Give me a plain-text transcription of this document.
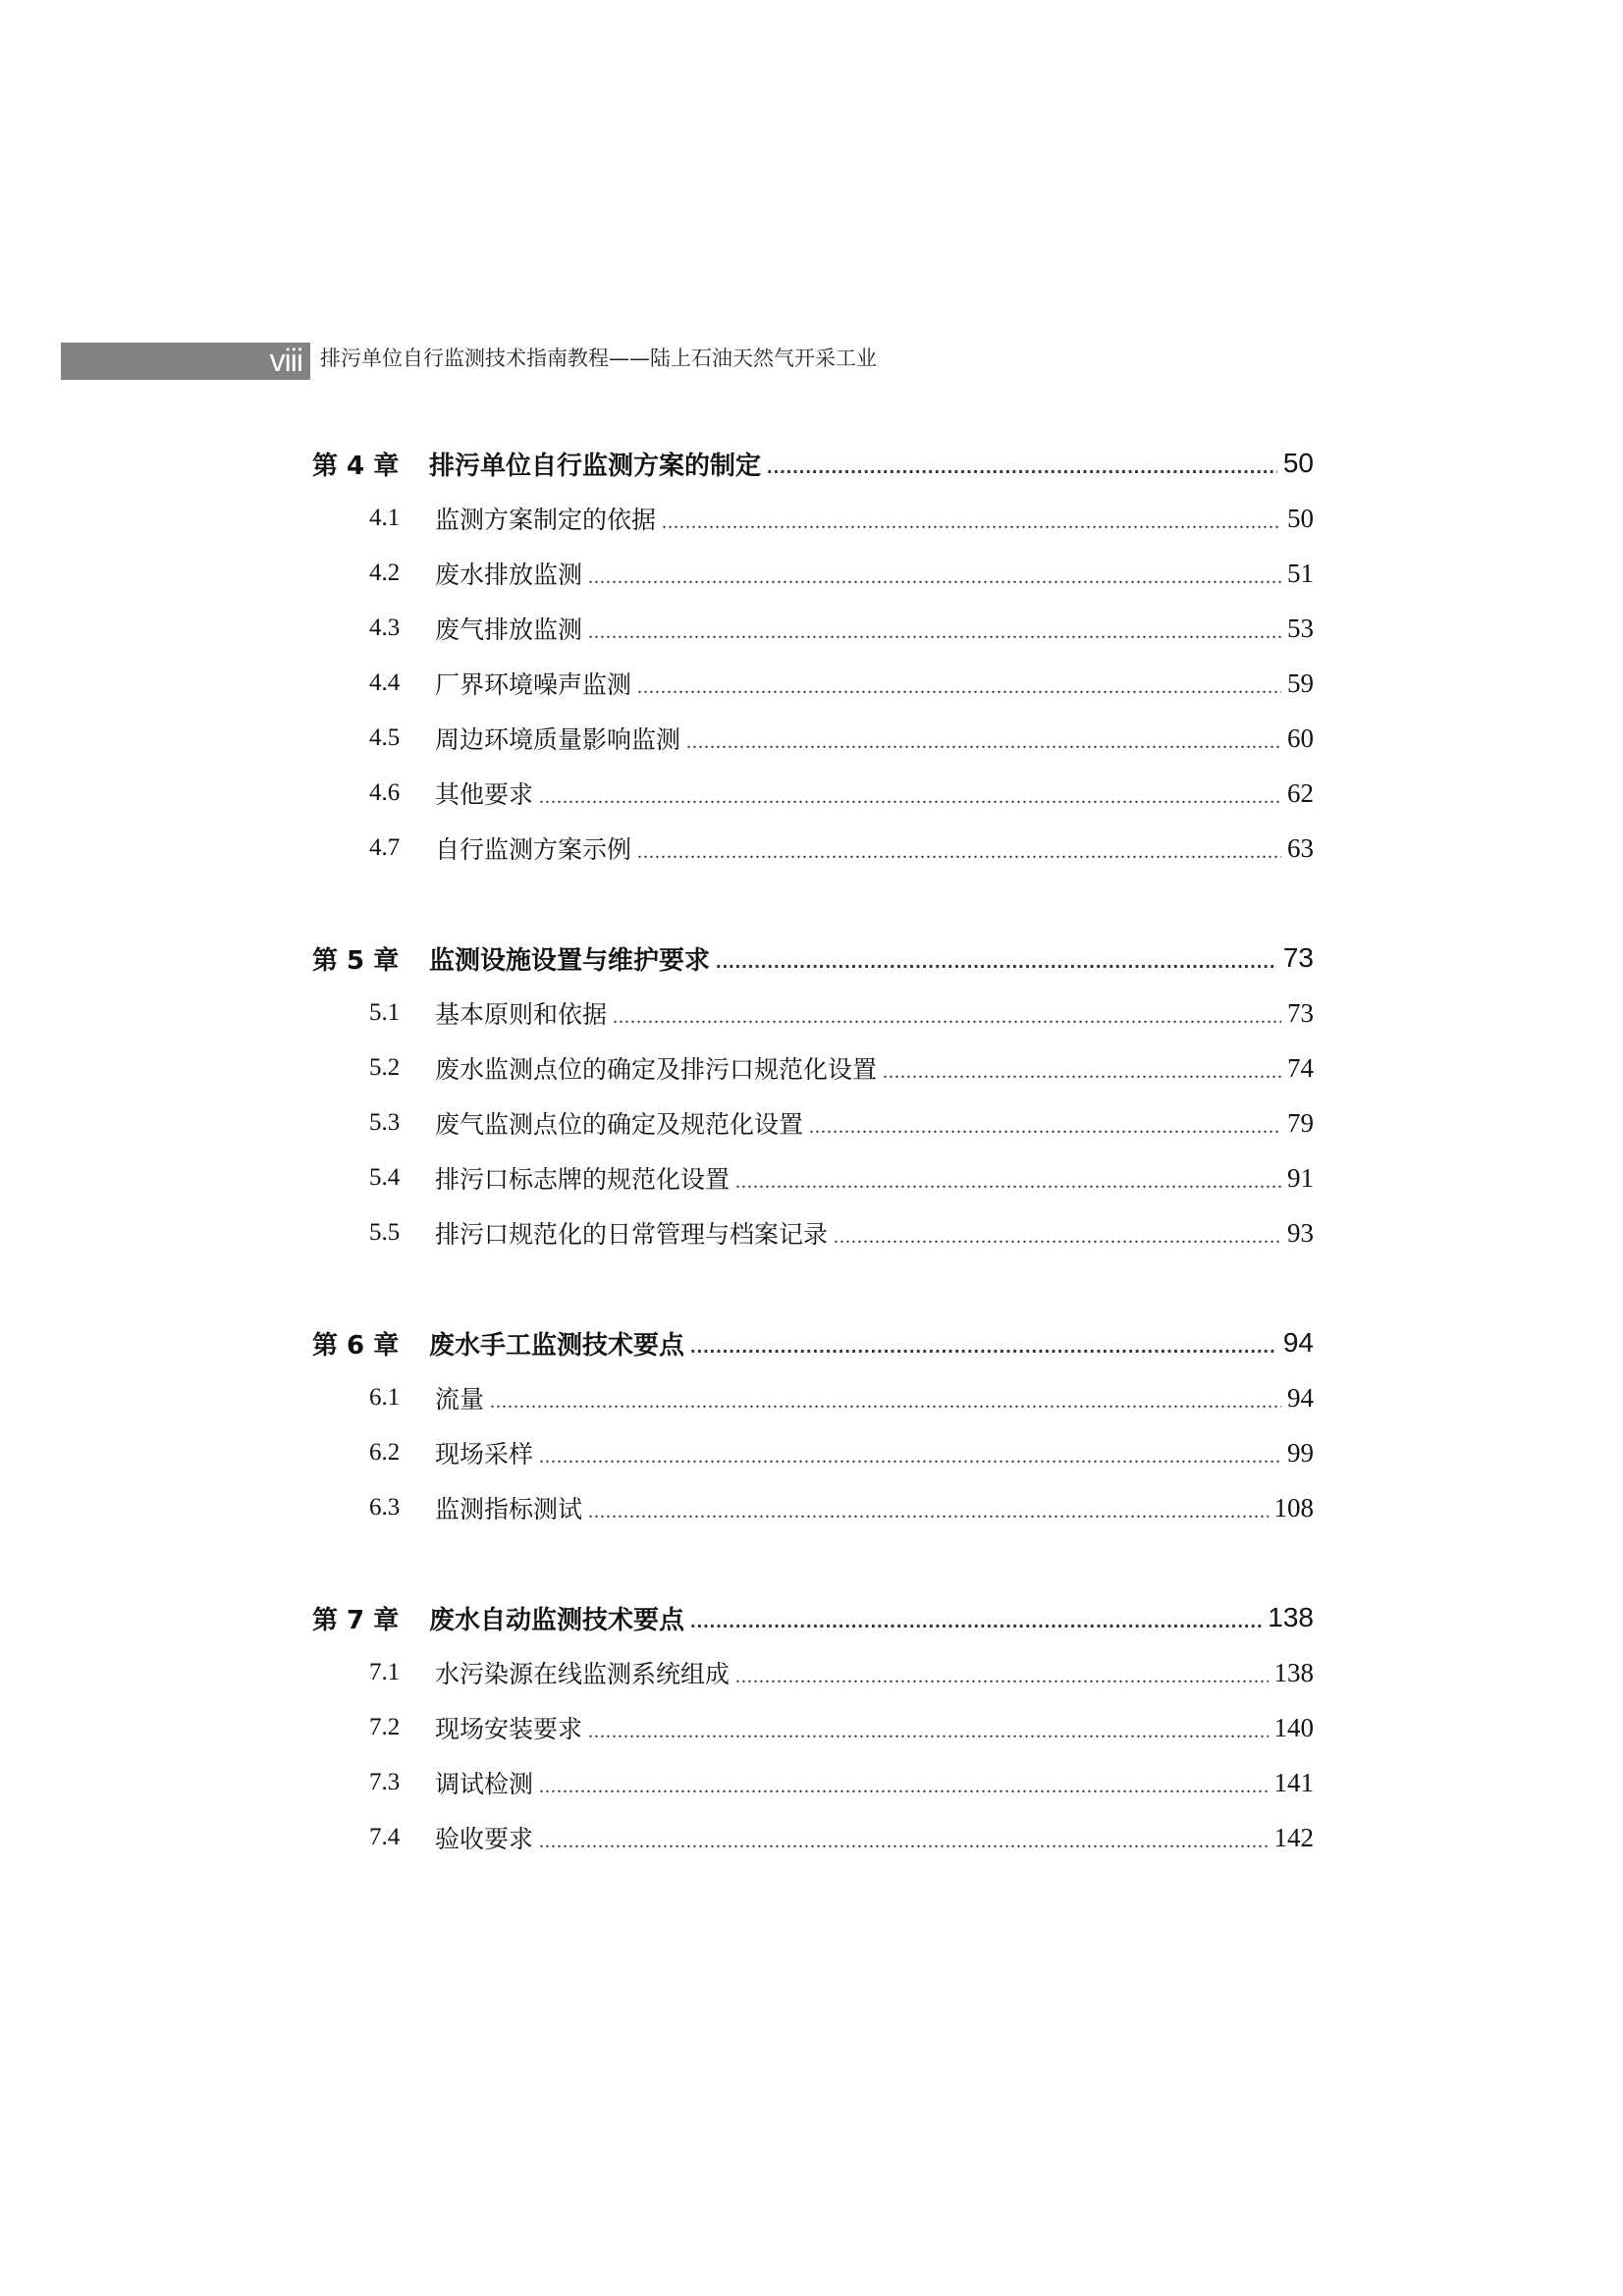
viii 排污单位自行监测技术指南教程——陆上石油天然气开采工业
第 4 章	排污单位自行监测方案的制定 .....	50
4.1	监测方案制定的依据 .....	50
4.2	废水排放监测 .....	51
4.3	废气排放监测 .....	53
4.4	厂界环境噪声监测 .....	59
4.5	周边环境质量影响监测 .....	60
4.6	其他要求 .....	62
4.7	自行监测方案示例 .....	63
第 5 章	监测设施设置与维护要求 .....	73
5.1	基本原则和依据 .....	73
5.2	废水监测点位的确定及排污口规范化设置 .....	74
5.3	废气监测点位的确定及规范化设置 .....	79
5.4	排污口标志牌的规范化设置 .....	91
5.5	排污口规范化的日常管理与档案记录 .....	93
第 6 章	废水手工监测技术要点 .....	94
6.1	流量 .....	94
6.2	现场采样 .....	99
6.3	监测指标测试 .....	108
第 7 章	废水自动监测技术要点 .....	138
7.1	水污染源在线监测系统组成 .....	138
7.2	现场安装要求 .....	140
7.3	调试检测 .....	141
7.4	验收要求 .....	142
